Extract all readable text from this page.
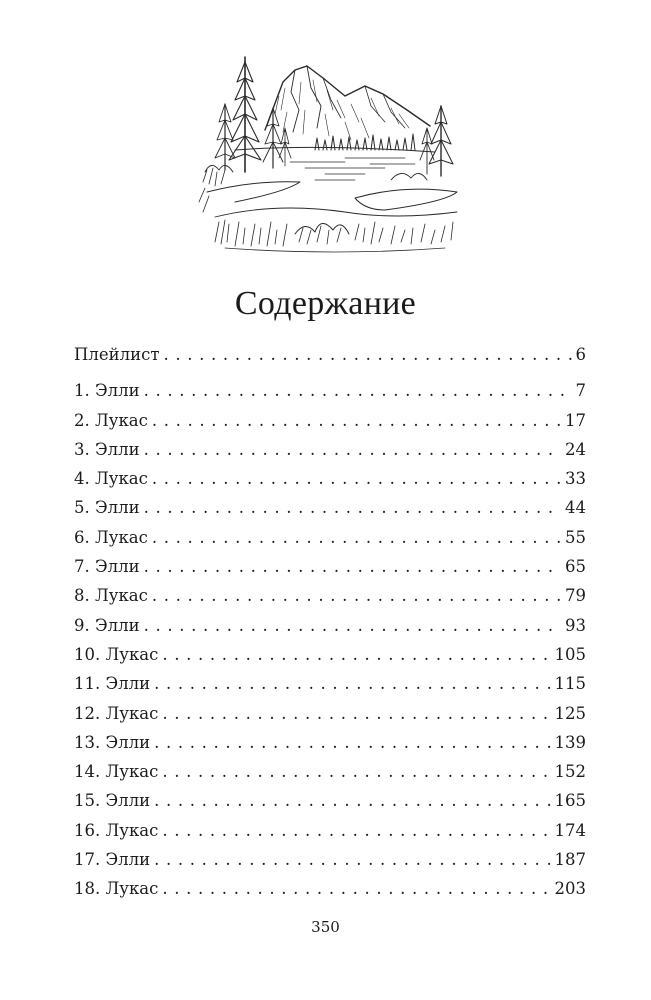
Содержание
Плейлист . . .	6
1. Элли . . .	7
2. Лукас . . .	17
3. Элли . . .	24
4. Лукас . . .	33
5. Элли . . .	44
6. Лукас . . .	55
7. Элли . . .	65
8. Лукас . . .	79
9. Элли . . .	93
10. Лукас . . .	105
11. Элли . . .	115
12. Лукас . . .	125
13. Элли . . .	139
14. Лукас . . .	152
15. Элли . . .	165
16. Лукас . . .	174
17. Элли . . .	187
18. Лукас . . .	203
350
